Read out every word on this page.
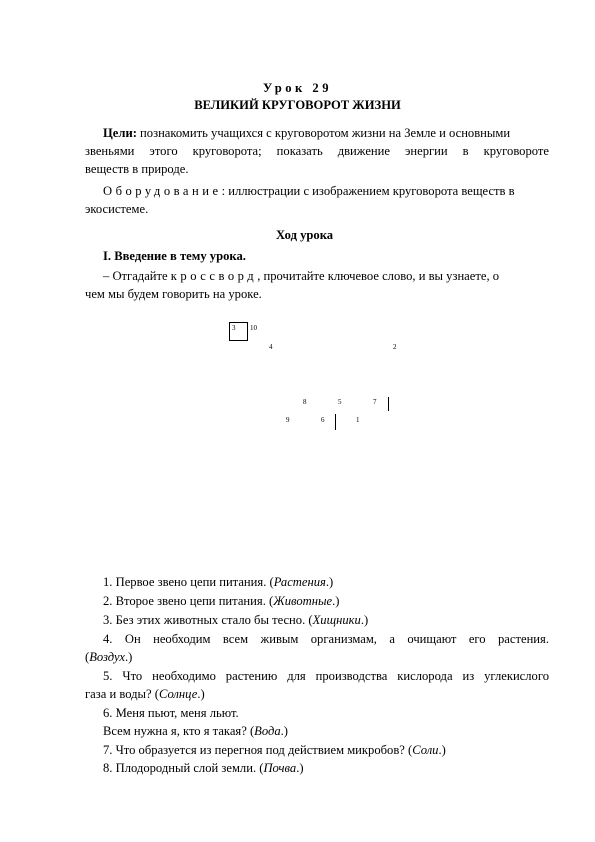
Урок 29
ВЕЛИКИЙ КРУГОВОРОТ ЖИЗНИ
Цели: познакомить учащихся с круговоротом жизни на Земле и основными
звеньями этого круговорота; показать движение энергии в круговороте
веществ в природе.
Оборудование: иллюстрации с изображением круговорота веществ в
экосистеме.
Ход урока
I. Введение в тему урока.
– Отгадайте кроссворд, прочитайте ключевое слово, и вы узнаете, о
чем мы будем говорить на уроке.
3 10
4	2
8	5	7
9	6	1
1. Первое звено цепи питания. (Растения.)
2. Второе звено цепи питания. (Животные.)
3. Без этих животных стало бы тесно. (Хищники.)
4. Он необходим всем живым организмам, а очищают его растения.
(Воздух.)
5. Что необходимо растению для производства кислорода из углекислого
газа и воды? (Солнце.)
6. Меня пьют, меня льют.
Всем нужна я, кто я такая? (Вода.)
7. Что образуется из перегноя под действием микробов? (Соли.)
8. Плодородный слой земли. (Почва.)
